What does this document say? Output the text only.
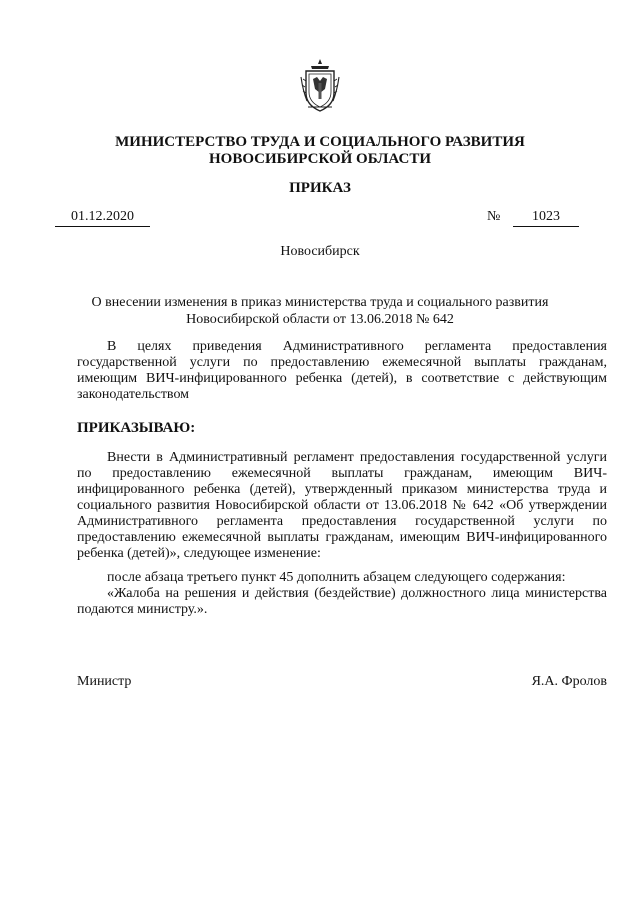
МИНИСТЕРСТВО ТРУДА И СОЦИАЛЬНОГО РАЗВИТИЯ
НОВОСИБИРСКОЙ ОБЛАСТИ
ПРИКАЗ
01.12.2020	№	1023
Новосибирск
О внесении изменения в приказ министерства труда и социального развития
Новосибирской области от 13.06.2018 № 642

В целях приведения Административного регламента предоставления государственной услуги по предоставлению ежемесячной выплаты гражданам, имеющим ВИЧ-инфицированного ребенка (детей), в соответствие с действующим законодательством

ПРИКАЗЫВАЮ:

Внести в Административный регламент предоставления государственной услуги по предоставлению ежемесячной выплаты гражданам, имеющим ВИЧ-инфицированного ребенка (детей), утвержденный приказом министерства труда и социального развития Новосибирской области от 13.06.2018 № 642 «Об утверждении Административного регламента предоставления государственной услуги по предоставлению ежемесячной выплаты гражданам, имеющим ВИЧ-инфицированного ребенка (детей)», следующее изменение:

после абзаца третьего пункт 45 дополнить абзацем следующего содержания:

«Жалоба на решения и действия (бездействие) должностного лица министерства подаются министру.».

Министр	Я.А. Фролов
